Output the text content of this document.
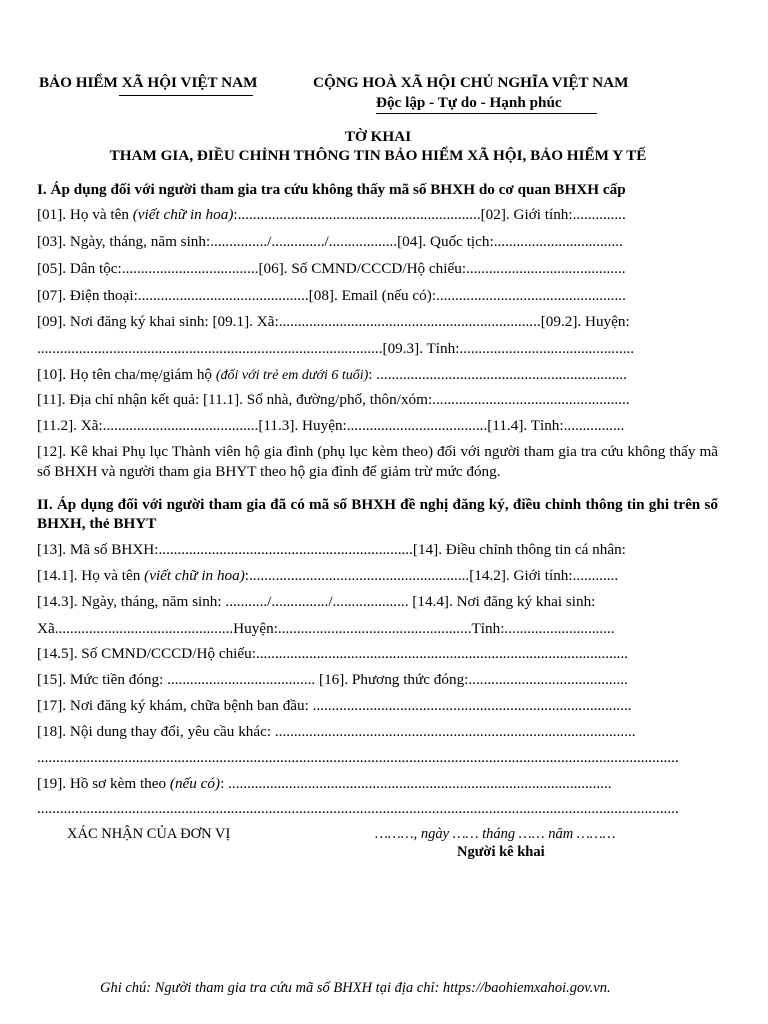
BẢO HIỂM XÃ HỘI VIỆT NAM	CỘNG HOÀ XÃ HỘI CHỦ NGHĨA VIỆT NAM
Độc lập - Tự do - Hạnh phúc
TỜ KHAI
THAM GIA, ĐIỀU CHỈNH THÔNG TIN BẢO HIỂM XÃ HỘI, BẢO HIỂM Y TẾ
I. Áp dụng đối với người tham gia tra cứu không thấy mã số BHXH do cơ quan BHXH cấp
[01]. Họ và tên (viết chữ in hoa):................................................................[02]. Giới tính:..............
[03]. Ngày, tháng, năm sinh:.............../............../..................[04]. Quốc tịch:..................................
[05]. Dân tộc:....................................[06]. Số CMND/CCCD/Hộ chiếu:..........................................
[07]. Điện thoại:.............................................[08]. Email (nếu có):..................................................
[09]. Nơi đăng ký khai sinh: [09.1]. Xã:.....................................................................[09.2]. Huyện:
...........................................................................................[09.3]. Tỉnh:..............................................
[10]. Họ tên cha/mẹ/giám hộ (đối với trẻ em dưới 6 tuổi): ..................................................................
[11]. Địa chỉ nhận kết quả: [11.1]. Số nhà, đường/phố, thôn/xóm:....................................................
[11.2]. Xã:.........................................[11.3]. Huyện:.....................................[11.4]. Tỉnh:................
[12]. Kê khai Phụ lục Thành viên hộ gia đình (phụ lục kèm theo) đối với người tham gia tra cứu không thấy mã số BHXH và người tham gia BHYT theo hộ gia đình để giảm trừ mức đóng.
II. Áp dụng đối với người tham gia đã có mã số BHXH đề nghị đăng ký, điều chỉnh thông tin ghi trên sổ BHXH, thẻ BHYT
[13]. Mã số BHXH:...................................................................[14]. Điều chỉnh thông tin cá nhân:
[14.1]. Họ và tên (viết chữ in hoa):..........................................................[14.2]. Giới tính:............
[14.3]. Ngày, tháng, năm sinh: .........../.............../.................... [14.4]. Nơi đăng ký khai sinh:
Xã...............................................Huyện:...................................................Tỉnh:.............................
[14.5]. Số CMND/CCCD/Hộ chiếu:..................................................................................................
[15]. Mức tiền đóng: ....................................... [16]. Phương thức đóng:..........................................
[17]. Nơi đăng ký khám, chữa bệnh ban đầu: ....................................................................................
[18]. Nội dung thay đổi, yêu cầu khác: ...............................................................................................
.........................................................................................................................................................................
[19]. Hồ sơ kèm theo (nếu có): .....................................................................................................
.........................................................................................................................................................................
XÁC NHẬN CỦA ĐƠN VỊ	………, ngày …… tháng …… năm ………
Người kê khai
Ghi chú: Người tham gia tra cứu mã số BHXH tại địa chỉ: https://baohiemxahoi.gov.vn.
